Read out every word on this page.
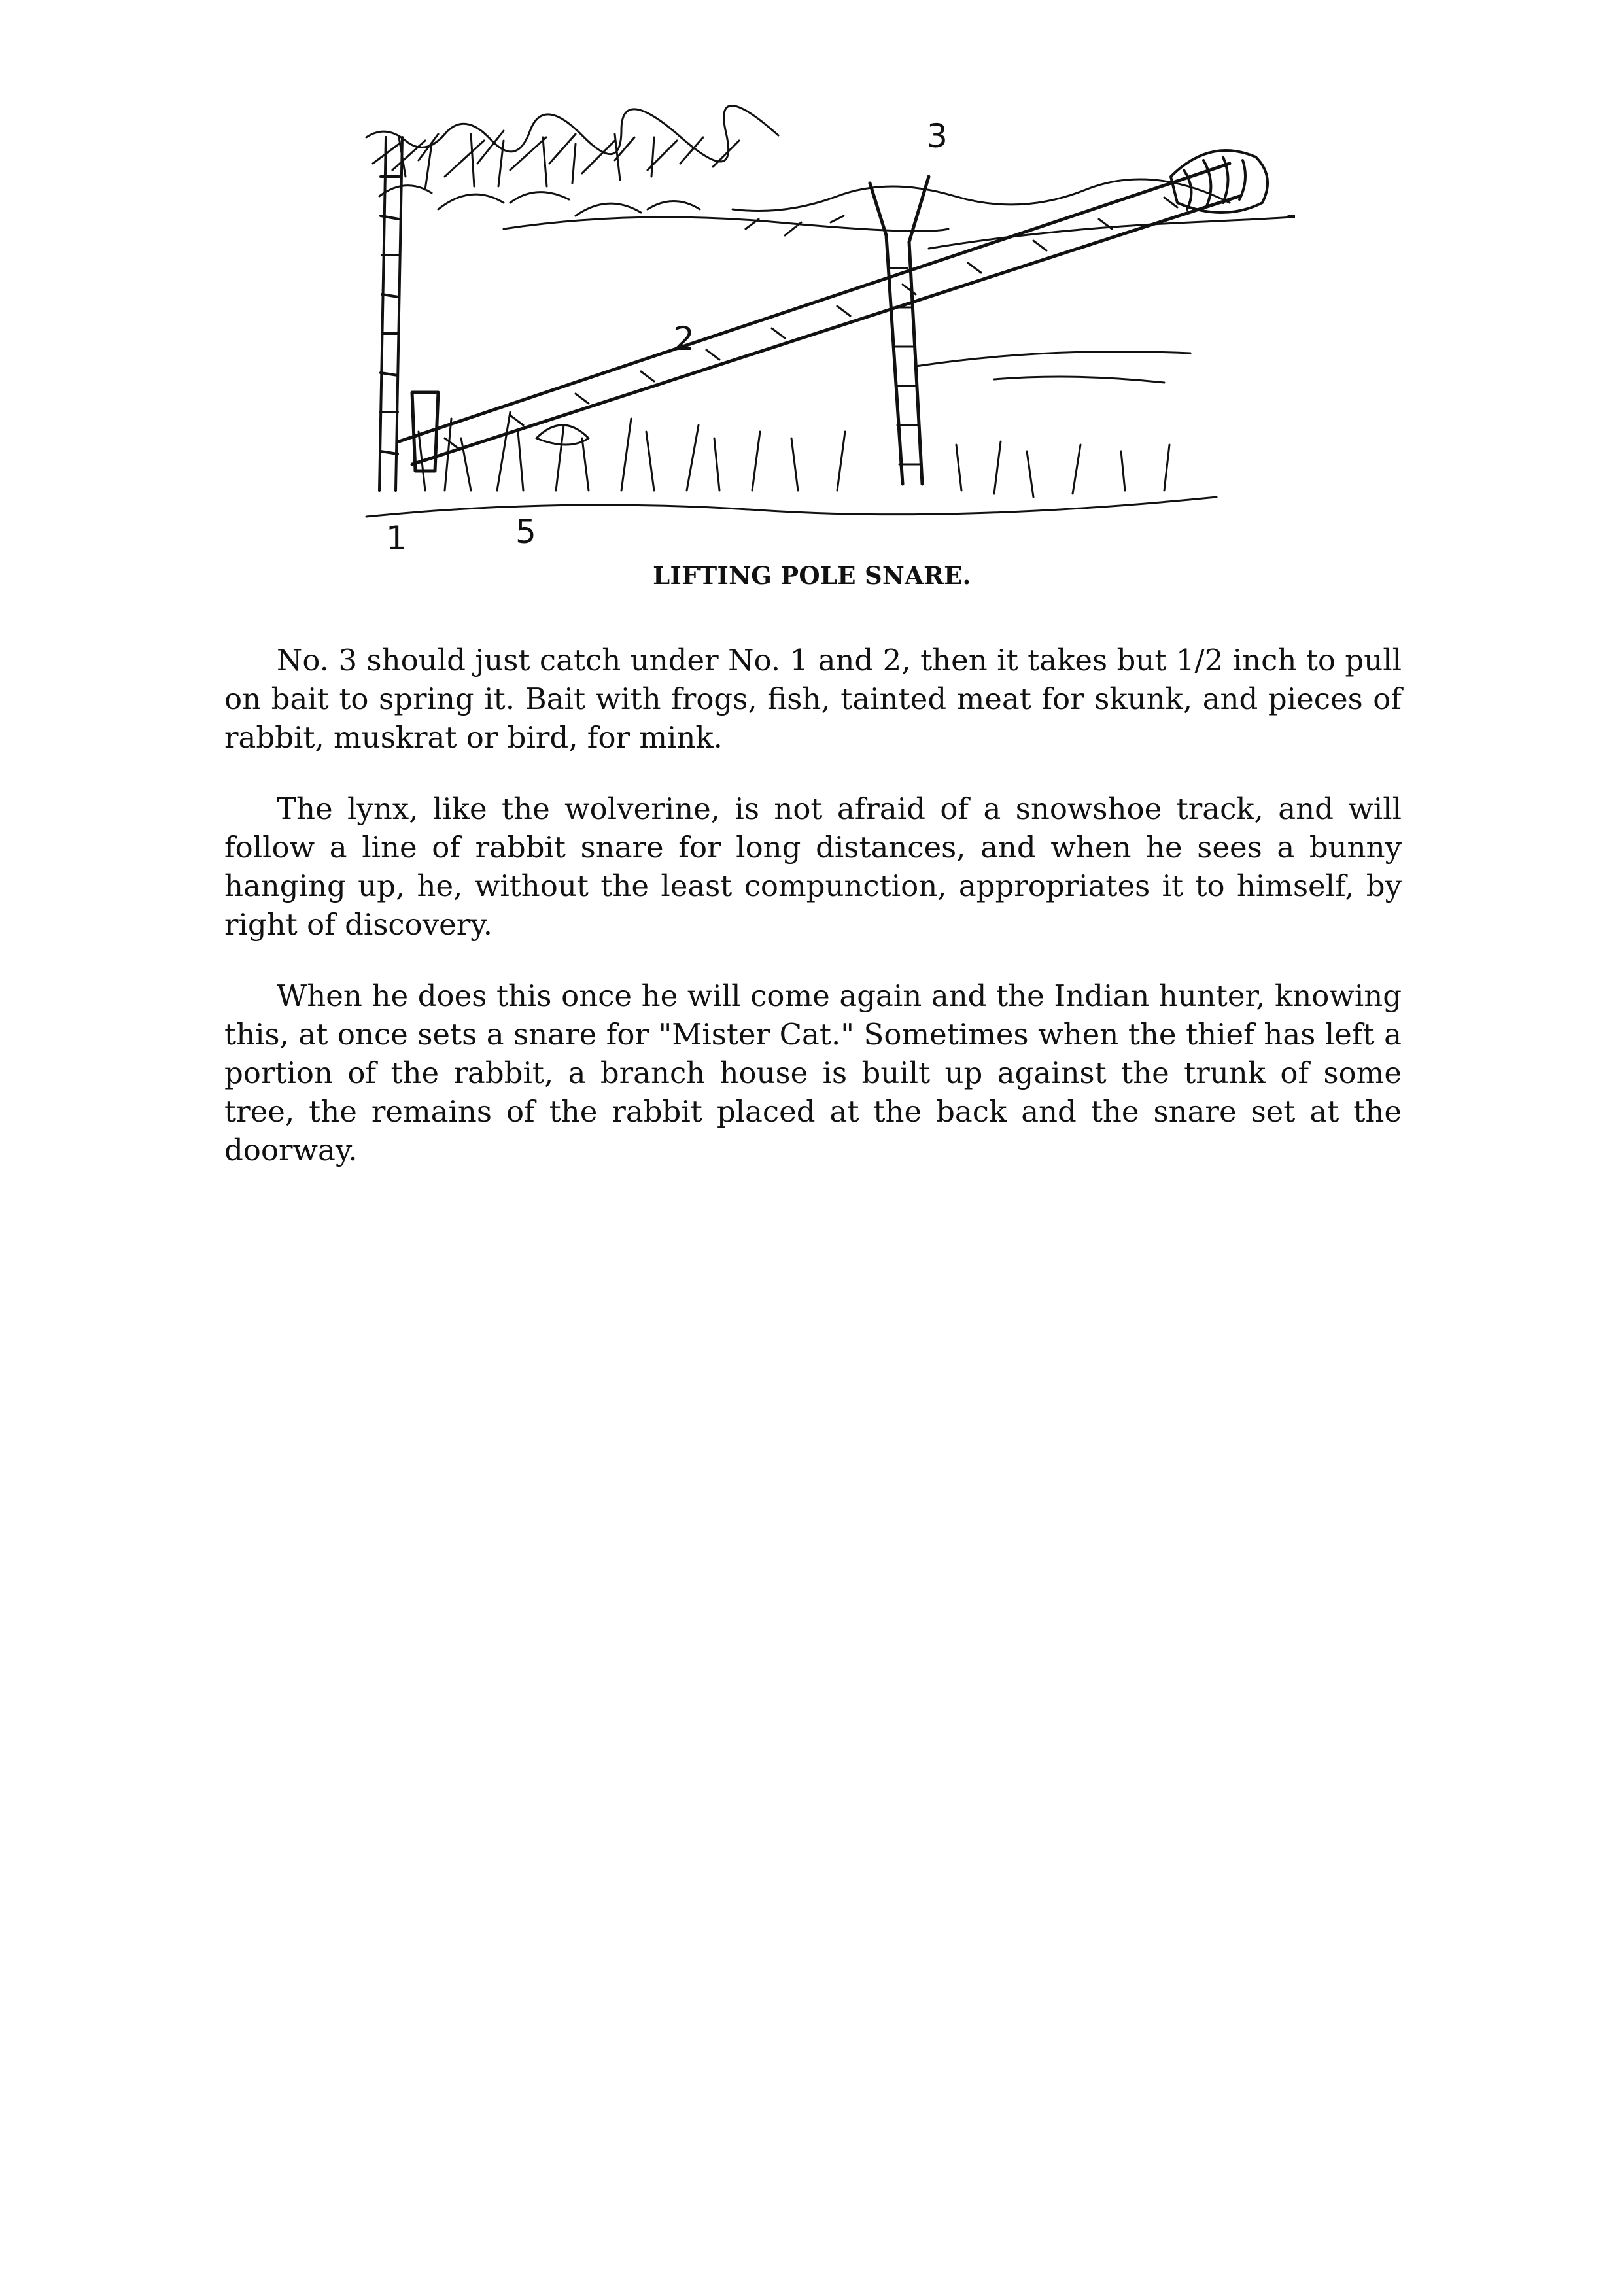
1
2
3
5
LIFTING POLE SNARE.

No. 3 should just catch under No. 1 and 2, then it takes but 1/2 inch to pull on bait to spring it. Bait with frogs, fish, tainted meat for skunk, and pieces of rabbit, muskrat or bird, for mink.

The lynx, like the wolverine, is not afraid of a snowshoe track, and will follow a line of rabbit snare for long distances, and when he sees a bunny hanging up, he, without the least compunction, appropriates it to himself, by right of discovery.

When he does this once he will come again and the Indian hunter, knowing this, at once sets a snare for "Mister Cat." Sometimes when the thief has left a portion of the rabbit, a branch house is built up against the trunk of some tree, the remains of the rabbit placed at the back and the snare set at the doorway.
